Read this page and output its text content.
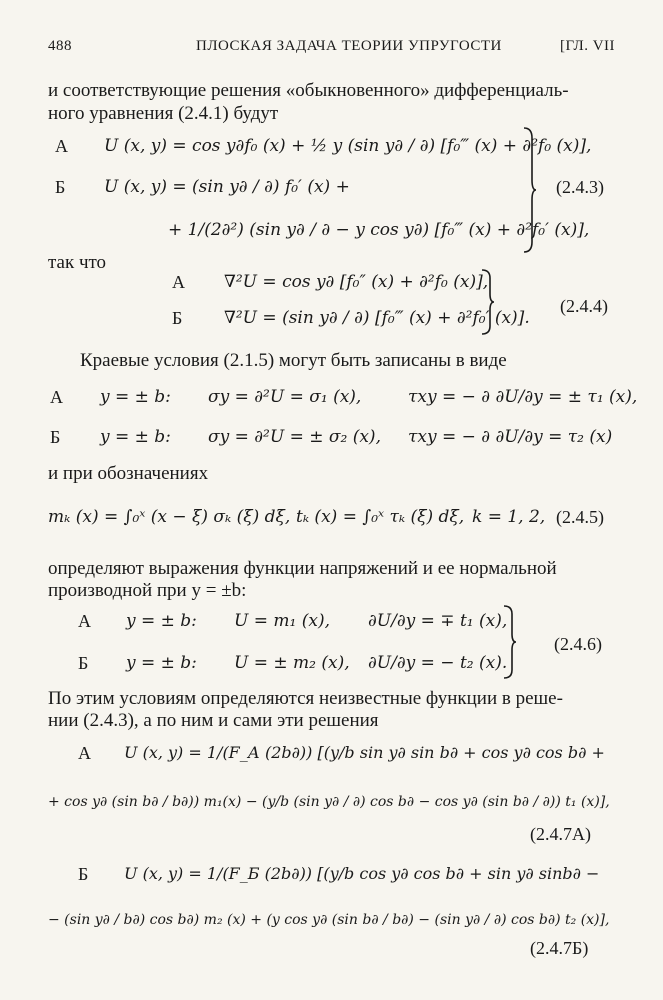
488	ПЛОСКАЯ ЗАДАЧА ТЕОРИИ УПРУГОСТИ	[ГЛ. VII
и соответствующие решения «обыкновенного» дифференциаль-
ного уравнения (2.4.1) будут
А U (x, y) = cos y∂f₀ (x) + ½ y (sin y∂ / ∂) [f₀‴ (x) + ∂²f₀ (x)],
Б U (x, y) = (sin y∂ / ∂) f₀′ (x) +
+ 1/(2∂²) (sin y∂ / ∂ − y cos y∂) [f₀‴ (x) + ∂²f₀′ (x)],
(2.4.3)
так что
А ∇²U = cos y∂ [f₀″ (x) + ∂²f₀ (x)],
Б ∇²U = (sin y∂ / ∂) [f₀‴ (x) + ∂²f₀′ (x)].
(2.4.4)
Краевые условия (2.1.5) могут быть записаны в виде
А y = ± b: σy = ∂²U = σ₁ (x),	τxy = − ∂ ∂U/∂y = ± τ₁ (x),
Б y = ± b: σy = ∂²U = ± σ₂ (x), τxy = − ∂ ∂U/∂y = τ₂ (x)
и при обозначениях
mₖ (x) = ∫₀ˣ (x − ξ) σₖ (ξ) dξ, tₖ (x) = ∫₀ˣ τₖ (ξ) dξ, k = 1, 2, (2.4.5)
определяют выражения функции напряжений и ее нормальной
производной при y = ±b:
А y = ± b: U = m₁ (x), ∂U/∂y = ∓ t₁ (x),
Б y = ± b: U = ± m₂ (x), ∂U/∂y = − t₂ (x).
(2.4.6)
По этим условиям определяются неизвестные функции в реше-
нии (2.4.3), а по ним и сами эти решения
А U (x, y) = 1/(F_А (2b∂)) [(y/b sin y∂ sin b∂ + cos y∂ cos b∂ +
+ cos y∂ (sin b∂ / b∂)) m₁(x) − (y/b (sin y∂ / ∂) cos b∂ − cos y∂ (sin b∂ / ∂)) t₁ (x)],
(2.4.7А)
Б U (x, y) = 1/(F_Б (2b∂)) [(y/b cos y∂ cos b∂ + sin y∂ sinb∂ −
− (sin y∂ / b∂) cos b∂) m₂ (x) + (y cos y∂ (sin b∂ / b∂) − (sin y∂ / ∂) cos b∂) t₂ (x)],
(2.4.7Б)
